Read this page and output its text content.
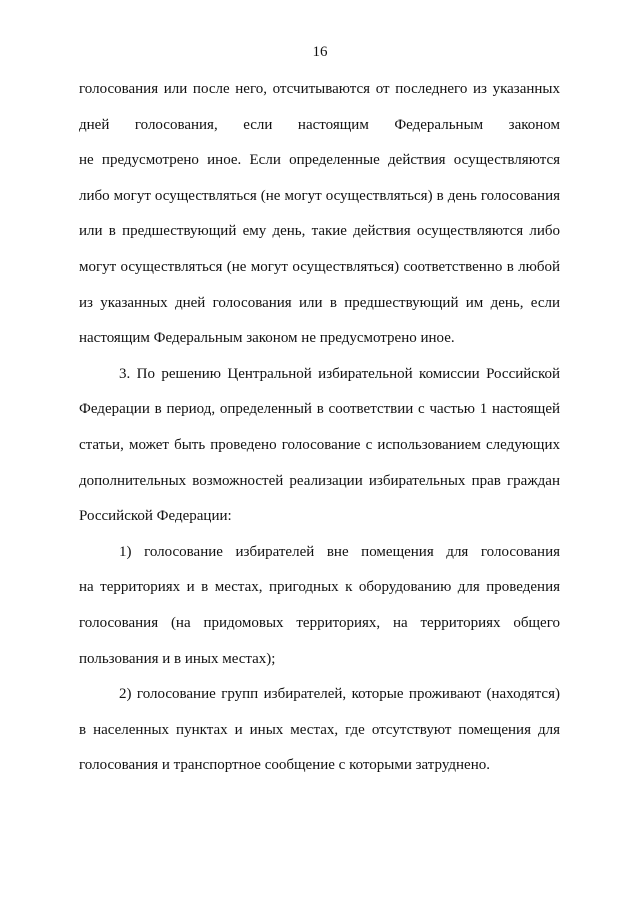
16
голосования или после него, отсчитываются от последнего из указанных
дней голосования, если настоящим Федеральным законом
не предусмотрено иное. Если определенные действия осуществляются
либо могут осуществляться (не могут осуществляться) в день голосования
или в предшествующий ему день, такие действия осуществляются либо
могут осуществляться (не могут осуществляться) соответственно в любой
из указанных дней голосования или в предшествующий им день, если
настоящим Федеральным законом не предусмотрено иное.
3. По решению Центральной избирательной комиссии Российской
Федерации в период, определенный в соответствии с частью 1 настоящей
статьи, может быть проведено голосование с использованием следующих
дополнительных возможностей реализации избирательных прав граждан
Российской Федерации:
1) голосование избирателей вне помещения для голосования
на территориях и в местах, пригодных к оборудованию для проведения
голосования (на придомовых территориях, на территориях общего
пользования и в иных местах);
2) голосование групп избирателей, которые проживают (находятся)
в населенных пунктах и иных местах, где отсутствуют помещения для
голосования и транспортное сообщение с которыми затруднено.
